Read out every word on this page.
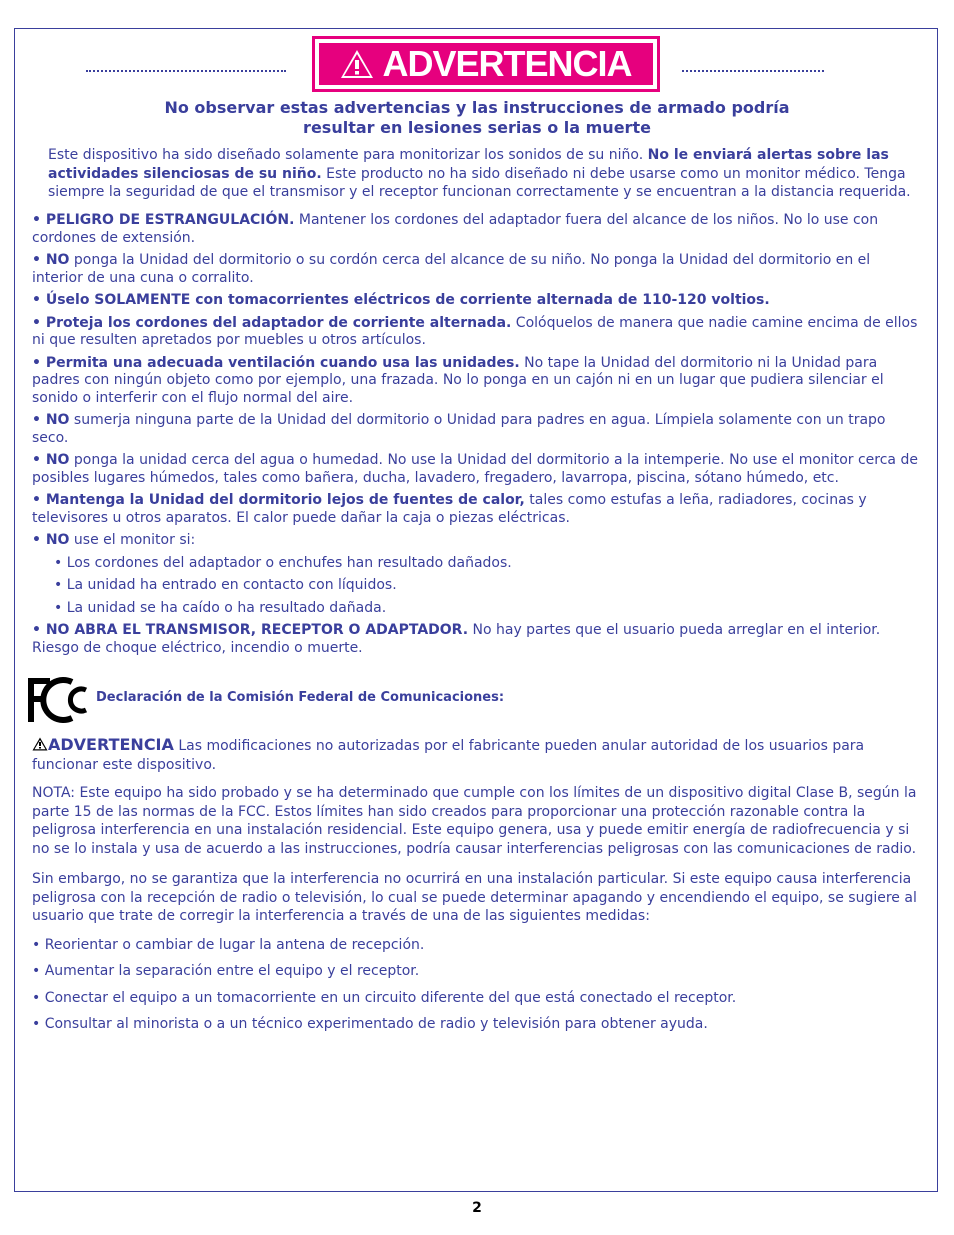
ADVERTENCIA
No observar estas advertencias y las instrucciones de armado podría
resultar en lesiones serias o la muerte
Este dispositivo ha sido diseñado solamente para monitorizar los sonidos de su niño. No le enviará alertas sobre las actividades silenciosas de su niño. Este producto no ha sido diseñado ni debe usarse como un monitor médico. Tenga siempre la seguridad de que el transmisor y el receptor funcionan correctamente y se encuentran a la distancia requerida.

• PELIGRO DE ESTRANGULACIÓN. Mantener los cordones del adaptador fuera del alcance de los niños. No lo use con cordones de extensión.

• NO ponga la Unidad del dormitorio o su cordón cerca del alcance de su niño. No ponga la Unidad del dormitorio en el interior de una cuna o corralito.

• Úselo SOLAMENTE con tomacorrientes eléctricos de corriente alternada de 110-120 voltios.

• Proteja los cordones del adaptador de corriente alternada. Colóquelos de manera que nadie camine encima de ellos ni que resulten apretados por muebles u otros artículos.

• Permita una adecuada ventilación cuando usa las unidades. No tape la Unidad del dormitorio ni la Unidad para padres con ningún objeto como por ejemplo, una frazada. No lo ponga en un cajón ni en un lugar que pudiera silenciar el sonido o interferir con el flujo normal del aire.

• NO sumerja ninguna parte de la Unidad del dormitorio o Unidad para padres en agua. Límpiela solamente con un trapo seco.

• NO ponga la unidad cerca del agua o humedad. No use la Unidad del dormitorio a la intemperie. No use el monitor cerca de posibles lugares húmedos, tales como bañera, ducha, lavadero, fregadero, lavarropa, piscina, sótano húmedo, etc.

• Mantenga la Unidad del dormitorio lejos de fuentes de calor, tales como estufas a leña, radiadores, cocinas y televisores u otros aparatos. El calor puede dañar la caja o piezas eléctricas.

• NO use el monitor si:

• Los cordones del adaptador o enchufes han resultado dañados.

• La unidad ha entrado en contacto con líquidos.

• La unidad se ha caído o ha resultado dañada.

• NO ABRA EL TRANSMISOR, RECEPTOR O ADAPTADOR. No hay partes que el usuario pueda arreglar en el interior. Riesgo de choque eléctrico, incendio o muerte.

FC
Declaración de la Comisión Federal de Comunicaciones:

ADVERTENCIA Las modificaciones no autorizadas por el fabricante pueden anular autoridad de los usuarios para funcionar este dispositivo.

NOTA: Este equipo ha sido probado y se ha determinado que cumple con los límites de un dispositivo digital Clase B, según la parte 15 de las normas de la FCC. Estos límites han sido creados para proporcionar una protección razonable contra la peligrosa interferencia en una instalación residencial. Este equipo genera, usa y puede emitir energía de radiofrecuencia y si no se lo instala y usa de acuerdo a las instrucciones, podría causar interferencias peligrosas con las comunicaciones de radio.

Sin embargo, no se garantiza que la interferencia no ocurrirá en una instalación particular. Si este equipo causa interferencia peligrosa con la recepción de radio o televisión, lo cual se puede determinar apagando y encendiendo el equipo, se sugiere al usuario que trate de corregir la interferencia a través de una de las siguientes medidas:

• Reorientar o cambiar de lugar la antena de recepción.

• Aumentar la separación entre el equipo y el receptor.

• Conectar el equipo a un tomacorriente en un circuito diferente del que está conectado el receptor.

• Consultar al minorista o a un técnico experimentado de radio y televisión para obtener ayuda.

2
